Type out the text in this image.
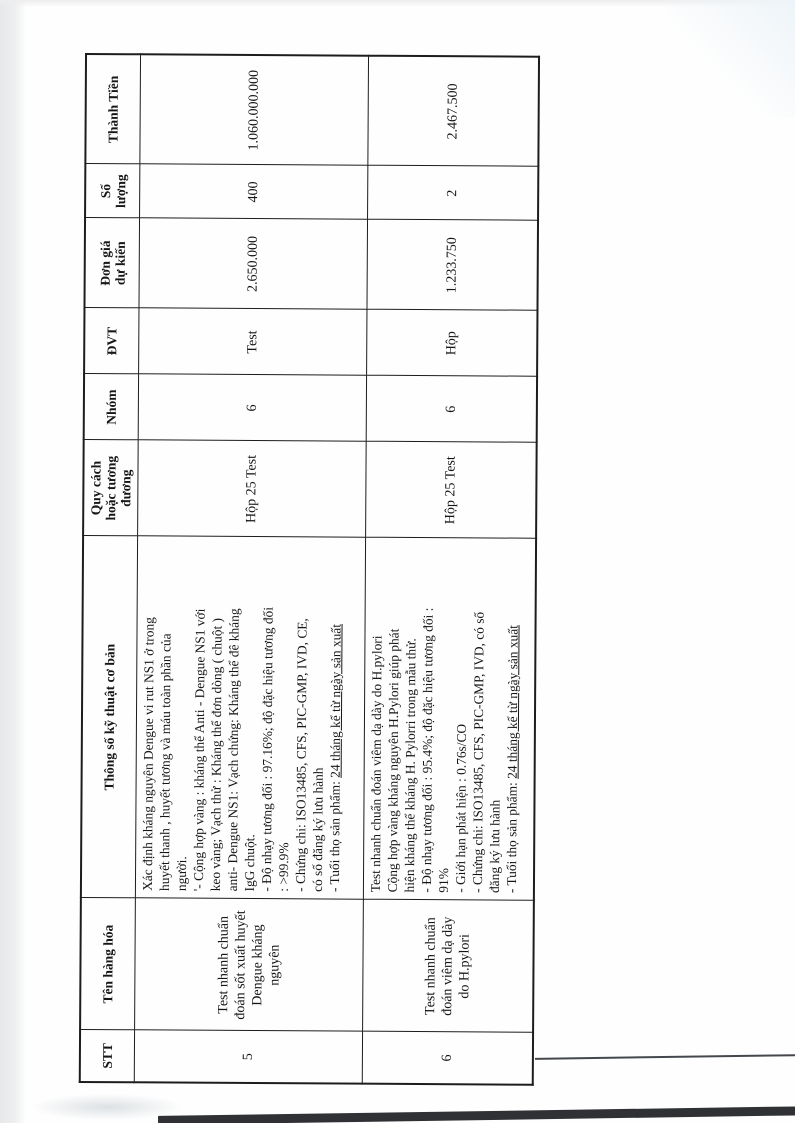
STT	Tên hàng hóa	Thông số kỹ thuật cơ bản	Quy cách
hoặc tương
đương	Nhóm	ĐVT	Đơn giá
dự kiến	Số
lượng	Thành Tiền
5	Test nhanh chuẩn
đoán sốt xuất huyết
Dengue kháng
nguyên	Xác định kháng nguyên Dengue vi rut NS1 ở trong
huyết thanh , huyết tương và máu toàn phần của
người.
'- Cộng hợp vàng : kháng thể Anti - Dengue NS1 với
keo vàng; Vạch thử : Kháng thể đơn dòng ( chuột )
anti- Dengue NS1: Vạch chứng: Kháng thể đê kháng
IgG chuột.
- Độ nhạy tương đối : 97.16%; độ đặc hiệu tương đối
: >99.9%
- Chứng chi: ISO13485, CFS, PIC-GMP, IVD, CE,
có số đăng ký lưu hành - Tuổi thọ sản phẩm: 24 tháng kể từ ngày sản xuất
	Hộp 25 Test	6	Test	2.650.000	400	1.060.000.000
6	Test nhanh chuẩn
đoán viêm dạ dày
do H.pylori	Test nhanh chuẩn đoán viêm dạ dày do H.pylori
Cộng hợp vàng kháng nguyên H.Pylori giúp phát
hiện kháng thể kháng H. Pylorri trong mẫu thử.
- Độ nhạy tương đối : 95.4%; độ đặc hiệu tương đối :
91%
- Giới hạn phát hiện : 0.76s/CO
- Chứng chi: ISO13485, CFS, PIC-GMP, IVD, có số
đăng ký lưu hành - Tuổi thọ sản phẩm: 24 tháng kể từ ngày sản xuất
	Hộp 25 Test	6	Hộp	1.233.750	2	2.467.500
